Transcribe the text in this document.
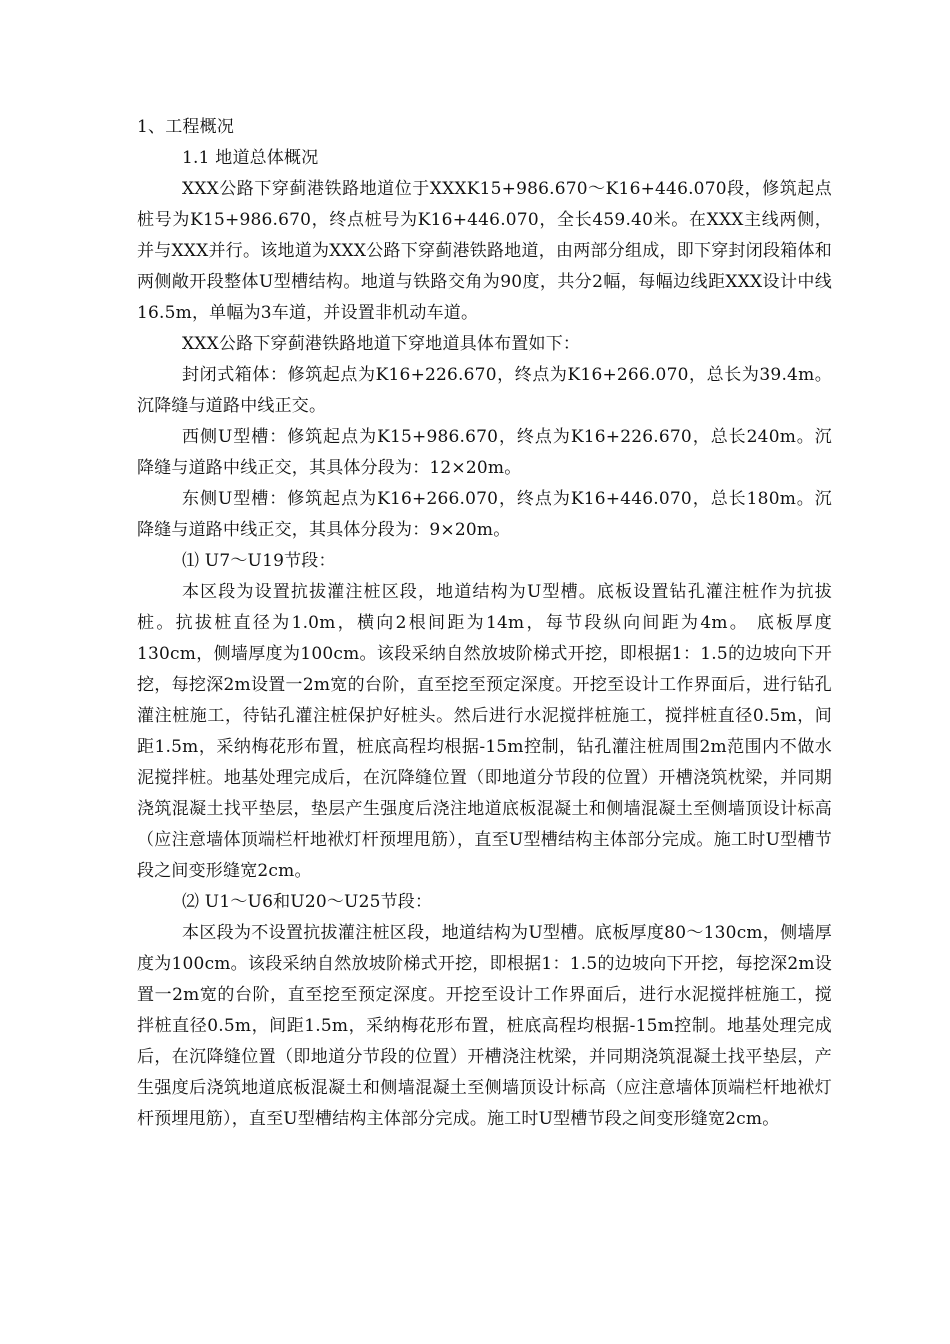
1、工程概况

1.1 地道总体概况

XXX公路下穿蓟港铁路地道位于XXXK15+986.670～K16+446.070段，修筑起点桩号为K15+986.670，终点桩号为K16+446.070，全长459.40米。在XXX主线两侧，并与XXX并行。该地道为XXX公路下穿蓟港铁路地道，由两部分组成，即下穿封闭段箱体和两侧敞开段整体U型槽结构。地道与铁路交角为90度，共分2幅，每幅边线距XXX设计中线16.5m，单幅为3车道，并设置非机动车道。

XXX公路下穿蓟港铁路地道下穿地道具体布置如下：

封闭式箱体：修筑起点为K16+226.670，终点为K16+266.070，总长为39.4m。沉降缝与道路中线正交。

西侧U型槽：修筑起点为K15+986.670，终点为K16+226.670，总长240m。沉降缝与道路中线正交，其具体分段为：12×20m。

东侧U型槽：修筑起点为K16+266.070，终点为K16+446.070，总长180m。沉降缝与道路中线正交，其具体分段为：9×20m。

⑴ U7～U19节段：

本区段为设置抗拔灌注桩区段，地道结构为U型槽。底板设置钻孔灌注桩作为抗拔桩。抗拔桩直径为1.0m，横向2根间距为14m，每节段纵向间距为4m。 底板厚度130cm，侧墙厚度为100cm。该段采纳自然放坡阶梯式开挖，即根据1：1.5的边坡向下开挖，每挖深2m设置一2m宽的台阶，直至挖至预定深度。开挖至设计工作界面后，进行钻孔灌注桩施工，待钻孔灌注桩保护好桩头。然后进行水泥搅拌桩施工，搅拌桩直径0.5m，间距1.5m，采纳梅花形布置，桩底高程均根据-15m控制，钻孔灌注桩周围2m范围内不做水泥搅拌桩。地基处理完成后，在沉降缝位置（即地道分节段的位置）开槽浇筑枕梁，并同期浇筑混凝土找平垫层，垫层产生强度后浇注地道底板混凝土和侧墙混凝土至侧墙顶设计标高（应注意墙体顶端栏杆地袱灯杆预埋甩筋），直至U型槽结构主体部分完成。施工时U型槽节段之间变形缝宽2cm。

⑵ U1～U6和U20～U25节段：

本区段为不设置抗拔灌注桩区段，地道结构为U型槽。底板厚度80～130cm，侧墙厚度为100cm。该段采纳自然放坡阶梯式开挖，即根据1：1.5的边坡向下开挖，每挖深2m设置一2m宽的台阶，直至挖至预定深度。开挖至设计工作界面后，进行水泥搅拌桩施工，搅拌桩直径0.5m，间距1.5m，采纳梅花形布置，桩底高程均根据-15m控制。地基处理完成后，在沉降缝位置（即地道分节段的位置）开槽浇注枕梁，并同期浇筑混凝土找平垫层，产生强度后浇筑地道底板混凝土和侧墙混凝土至侧墙顶设计标高（应注意墙体顶端栏杆地袱灯杆预埋甩筋），直至U型槽结构主体部分完成。施工时U型槽节段之间变形缝宽2cm。
